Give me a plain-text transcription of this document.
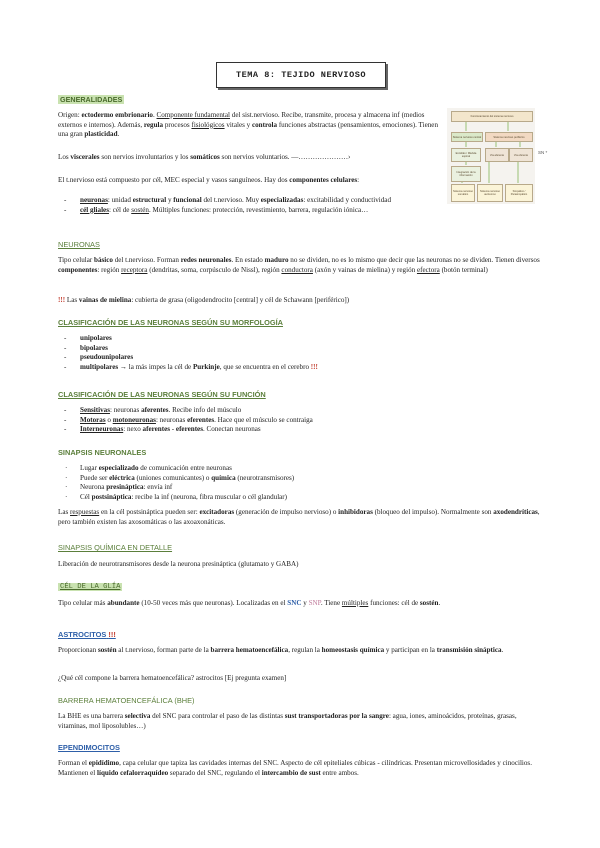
TEMA 8: TEJIDO NERVIOSO
GENERALIDADES

Origen: ectodermo embrionario. Componente fundamental del sist.nervioso. Recibe, transmite, procesa y almacena inf (medios externos e internos). Además, regula procesos fisiológicos vitales y controla funciones abstractas (pensamientos, emociones). Tienen una gran plasticidad.

Los viscerales son nervios involuntarios y los somáticos son nervios voluntarios. —…………………›

El t.nervioso está compuesto por cél, MEC especial y vasos sanguíneos. Hay dos componentes celulares:

- neuronas: unidad estructural y funcional del t.nervioso. Muy especializadas: excitabilidad y conductividad
- cél gliales: cél de sostén. Múltiples funciones: protección, revestimiento, barrera, regulación iónica…
Funcionamiento del sistema nervioso
Sistema nervioso central	Sistema nervioso periférico
Encéfalo / Médula espinal	Vía aferente	Vía eferente
Integración de la información
Sistema nervioso somático
Sistema nervioso autónomo
Simpático / Parasimpático
SN *
NEURONAS

Tipo celular básico del t.nervioso. Forman redes neuronales. En estado maduro no se dividen, no es lo mismo que decir que las neuronas no se dividen. Tienen diversos componentes: región receptora (dendritas, soma, corpúsculo de Nissl), región conductora (axón y vainas de mielina) y región efectora (botón terminal)

!!! Las vainas de mielina: cubierta de grasa (oligodendrocito [central] y cél de Schawann [periférico])

CLASIFICACIÓN DE LAS NEURONAS SEGÚN SU MORFOLOGÍA
- unipolares
- bipolares
- pseudounipolares
- multipolares → la más impes la cél de Purkinje, que se encuentra en el cerebro !!!
CLASIFICACIÓN DE LAS NEURONAS SEGÚN SU FUNCIÓN
- Sensitivas: neuronas aferentes. Recibe info del músculo
- Motoras o motoneuronas: neuronas eferentes. Hace que el músculo se contraiga
- Interneuronas: nexo aferentes - eferentes. Conectan neuronas
SINAPSIS NEURONALES
· Lugar especializado de comunicación entre neuronas
· Puede ser eléctrica (uniones comunicantes) o química (neurotransmisores)
· Neurona presináptica: envía inf
· Cél postsináptica: recibe la inf (neurona, fibra muscular o cél glandular)

Las respuestas en la cél postsináptica pueden ser: excitadoras (generación de impulso nervioso) o inhibidoras (bloqueo del impulso). Normalmente son axodendríticas, pero también existen las axosomáticas o las axoaxonáticas.

SINAPSIS QUÍMICA EN DETALLE

Liberación de neurotransmisores desde la neurona presináptica (glutamato y GABA)

CÉL DE LA GLÍA

Tipo celular más abundante (10-50 veces más que neuronas). Localizadas en el SNC y SNP. Tiene múltiples funciones: cél de sostén.

ASTROCITOS !!!

Proporcionan sostén al t.nervioso, forman parte de la barrera hematoencefálica, regulan la homeostasis química y participan en la transmisión sináptica.

¿Qué cél compone la barrera hematoencefálica? astrocitos [Ej pregunta examen]

BARRERA HEMATOENCEFÁLICA (BHE)

La BHE es una barrera selectiva del SNC para controlar el paso de las distintas sust transportadoras por la sangre: agua, iones, aminoácidos, proteínas, grasas, vitaminas, mol liposolubles…)

EPENDIMOCITOS

Forman el epidídimo, capa celular que tapiza las cavidades internas del SNC. Aspecto de cél epiteliales cúbicas - cilíndricas. Presentan microvellosidades y cinocilios. Mantienen el líquido cefalorraquídeo separado del SNC, regulando el intercambio de sust entre ambos.
